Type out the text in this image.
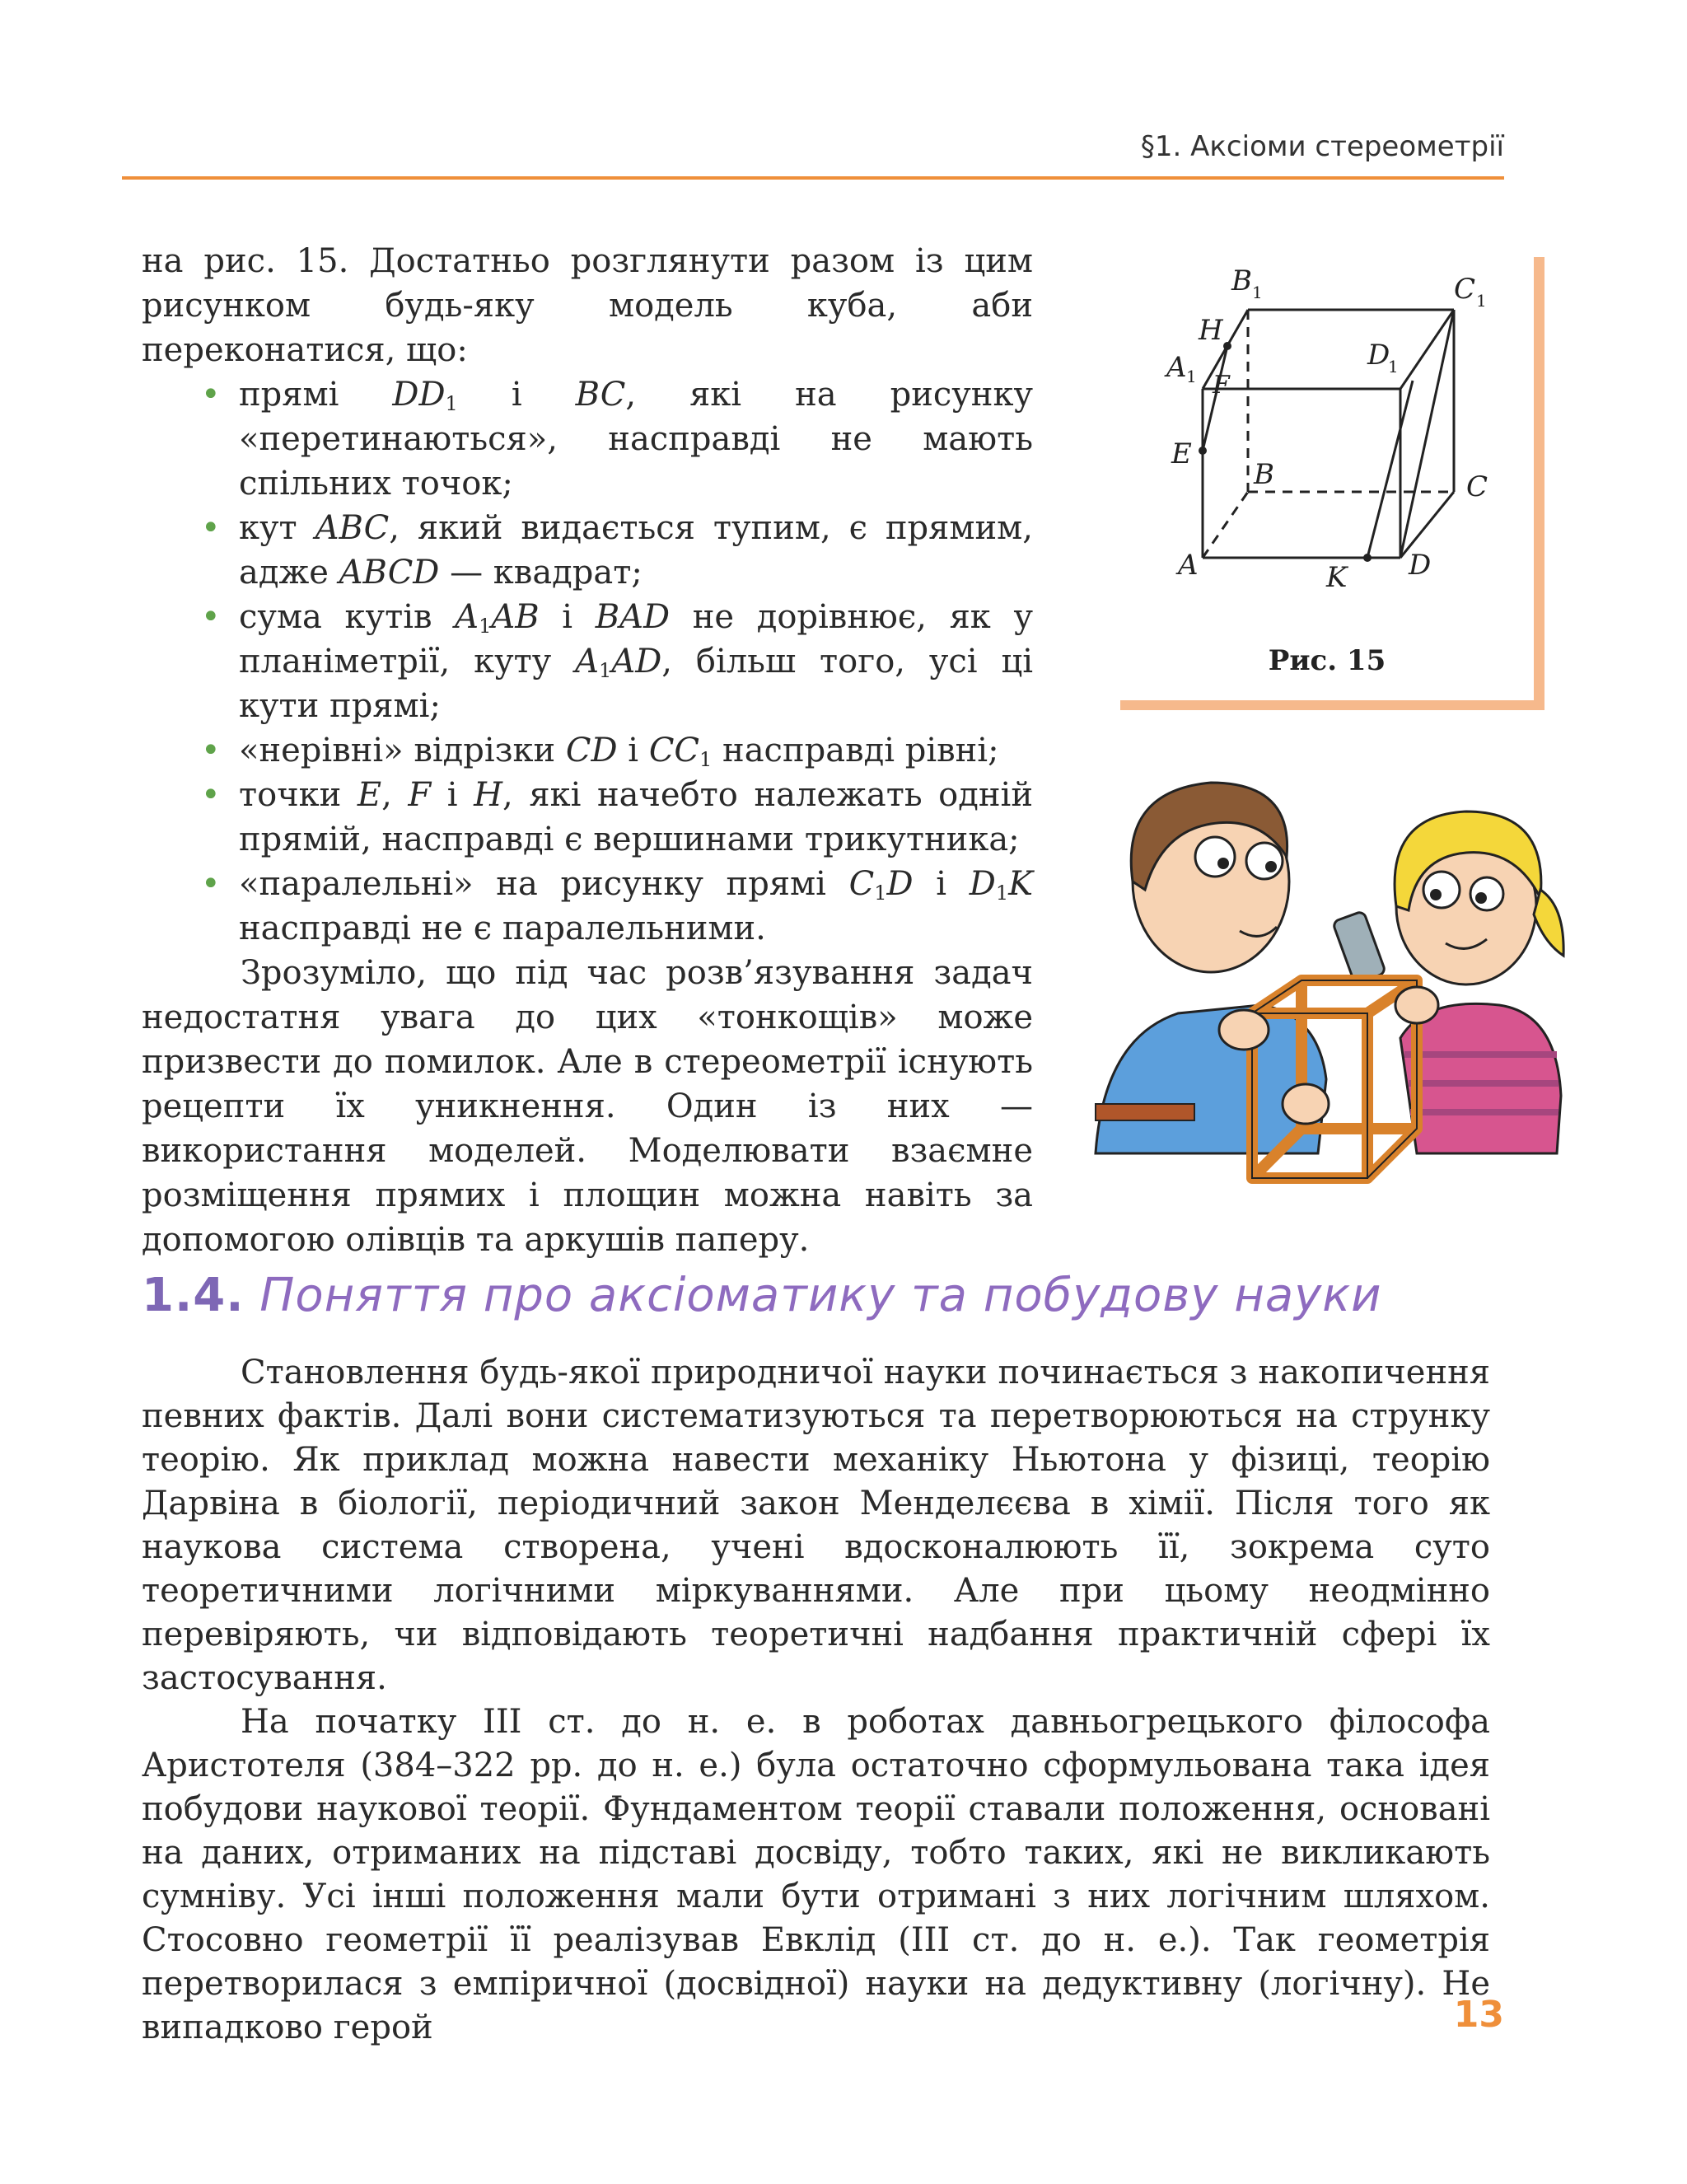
§1. Аксіоми стереометрії

на рис. 15. Достатньо розглянути разом із цим рисунком будь-яку модель куба, аби переконатися, що:

• прямі $DD_1$ і BC, які на рисунку «перетинаються», насправді не мають спільних точок;
• кут ABC, який видається тупим, є прямим, адже ABCD — квадрат;
• сума кутів $A_1AB$ і BAD не дорівнює, як у планіметрії, куту $A_1AD$, більш того, усі ці кути прямі;
• «нерівні» відрізки CD і $CC_1$ насправді рівні;
• точки E, F і H, які начебто належать одній прямій, насправді є вершинами трикутника;
• «паралельні» на рисунку прямі $C_1D$ і $D_1K$ насправді не є паралельними.

Зрозуміло, що під час розв’язування задач недостатня увага до цих «тонкощів» може призвести до помилок. Але в стереометрії існують рецепти їх уникнення. Один із них — використання моделей. Моделювати взаємне розміщення прямих і площин можна навіть за допомогою олівців та аркушів паперу.

A
B	C
D
A 1
B 1	C 1
D
1
E
F
H
K
Рис. 15
1.4. Поняття про аксіоматику та побудову науки

Становлення будь-якої природничої науки починається з накопичення певних фактів. Далі вони систематизуються та перетворюються на струнку теорію. Як приклад можна навести механіку Ньютона у фізиці, теорію Дарвіна в біології, періодичний закон Менделєєва в хімії. Після того як наукова система створена, учені вдосконалюють її, зокрема суто теоретичними логічними міркуваннями. Але при цьому неодмінно перевіряють, чи відповідають теоретичні надбання практичній сфері їх застосування.

На початку III ст. до н. е. в роботах давньогрецького філософа Аристотеля (384–322 рр. до н. е.) була остаточно сформульована така ідея побудови наукової теорії. Фундаментом теорії ставали положення, основані на даних, отриманих на підставі досвіду, тобто таких, які не викликають сумніву. Усі інші положення мали бути отримані з них логічним шляхом. Стосовно геометрії її реалізував Евклід (III ст. до н. е.). Так геометрія перетворилася з емпіричної (досвідної) науки на дедуктивну (логічну). Не випадково герой	13
